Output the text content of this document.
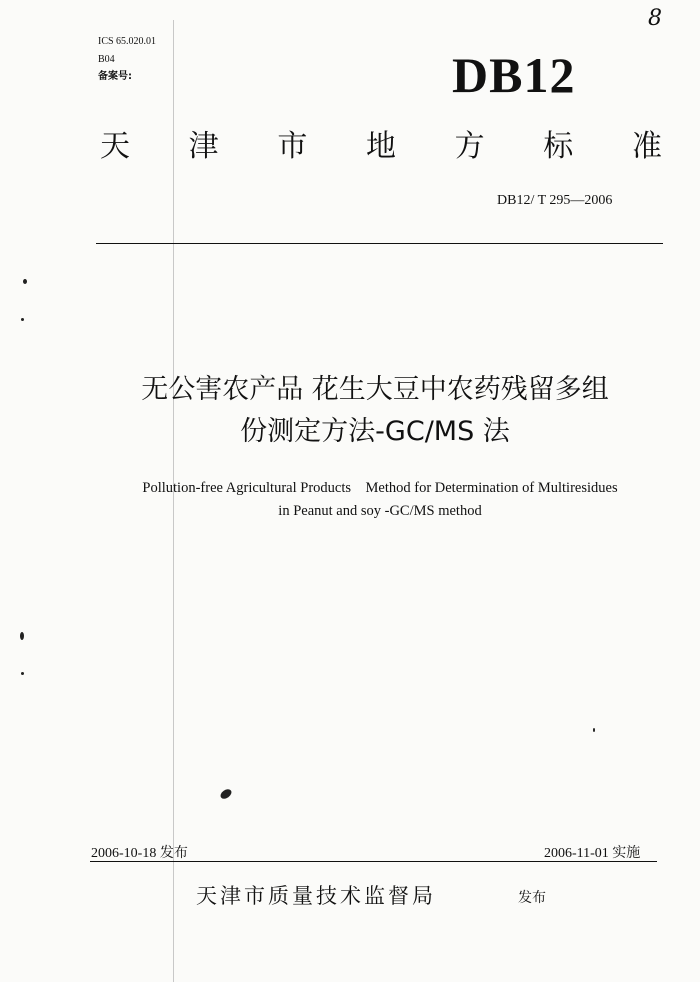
ICS 65.020.01
B04
备案号:
8
DB12
天 津 市 地 方 标 准
DB12/ T 295—2006
无公害农产品 花生大豆中农药残留多组
份测定方法-GC/MS 法
Pollution-free Agricultural Products    Method for Determination of Multiresidues
in Peanut and soy -GC/MS method
2006-10-18 发布	2006-11-01 实施
天津市质量技术监督局	发布
